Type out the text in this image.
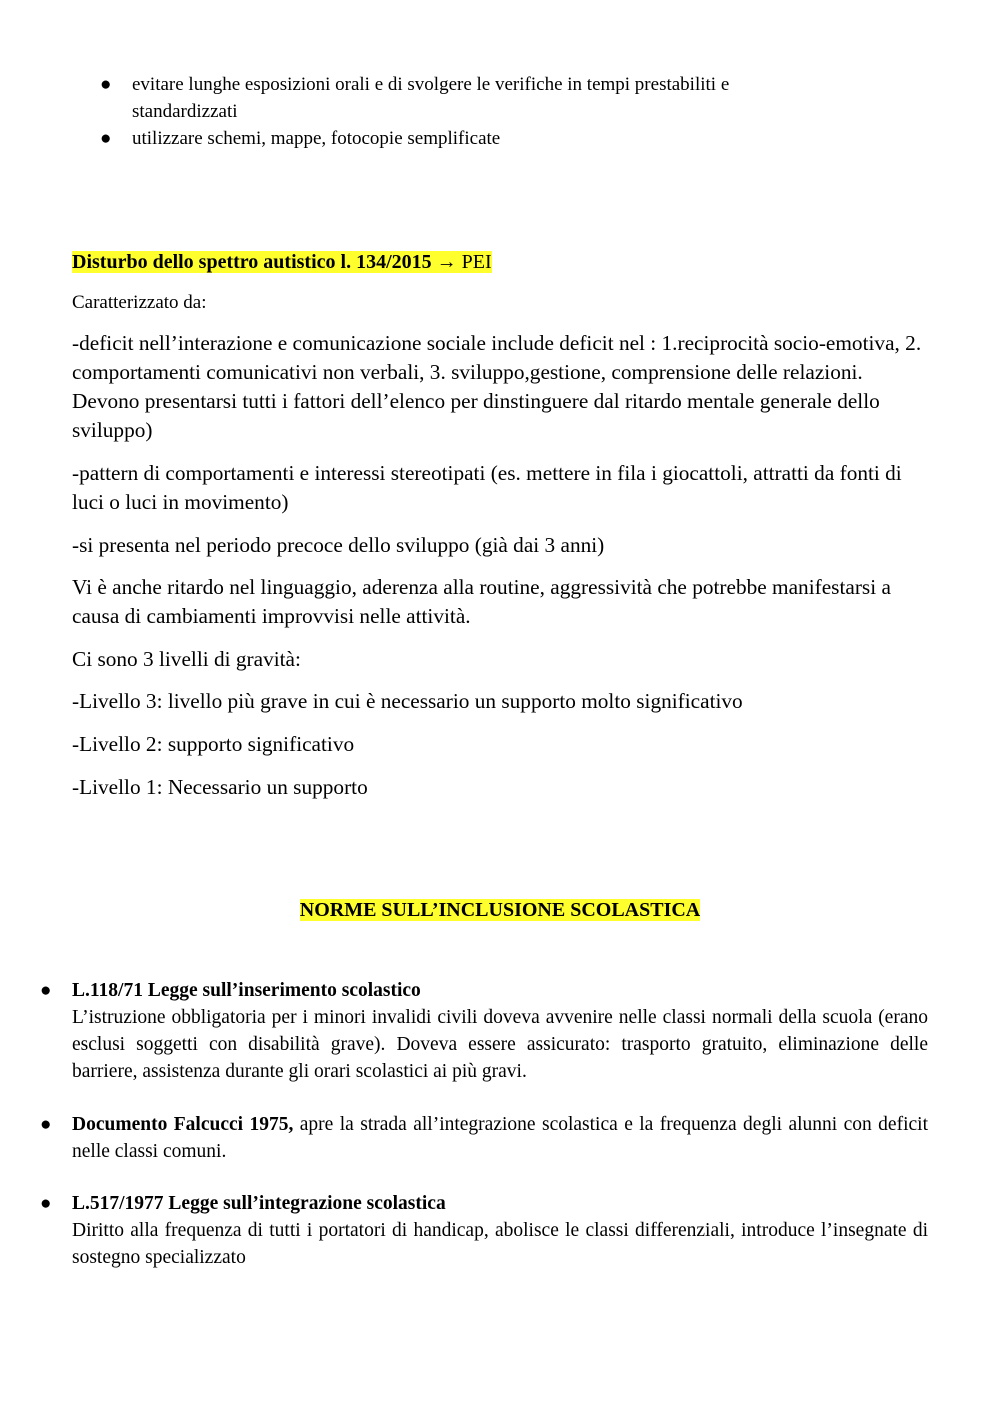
● evitare lunghe esposizioni orali e di svolgere le verifiche in tempi prestabiliti e
standardizzati
● utilizzare schemi, mappe, fotocopie semplificate
Disturbo dello spettro autistico l. 134/2015 → PEI

Caratterizzato da:

-deficit nell’interazione e comunicazione sociale include deficit nel : 1.reciprocità socio-emotiva, 2. comportamenti comunicativi non verbali, 3. sviluppo,gestione, comprensione delle relazioni. Devono presentarsi tutti i fattori dell’elenco per dinstinguere dal ritardo mentale generale dello sviluppo)

-pattern di comportamenti e interessi stereotipati (es. mettere in fila i giocattoli, attratti da fonti di luci o luci in movimento)

-si presenta nel periodo precoce dello sviluppo (già dai 3 anni)

Vi è anche ritardo nel linguaggio, aderenza alla routine, aggressività che potrebbe manifestarsi a causa di cambiamenti improvvisi nelle attività.

Ci sono 3 livelli di gravità:

-Livello 3: livello più grave in cui è necessario un supporto molto significativo

-Livello 2: supporto significativo

-Livello 1: Necessario un supporto

NORME SULL’INCLUSIONE SCOLASTICA
● L.118/71 Legge sull’inserimento scolastico
L’istruzione obbligatoria per i minori invalidi civili doveva avvenire nelle classi normali della scuola (erano esclusi soggetti con disabilità grave). Doveva essere assicurato: trasporto gratuito, eliminazione delle barriere, assistenza durante gli orari scolastici ai più gravi.
● Documento Falcucci 1975, apre la strada all’integrazione scolastica e la frequenza degli alunni con deficit nelle classi comuni.
● L.517/1977 Legge sull’integrazione scolastica
Diritto alla frequenza di tutti i portatori di handicap, abolisce le classi differenziali, introduce l’insegnate di sostegno specializzato
